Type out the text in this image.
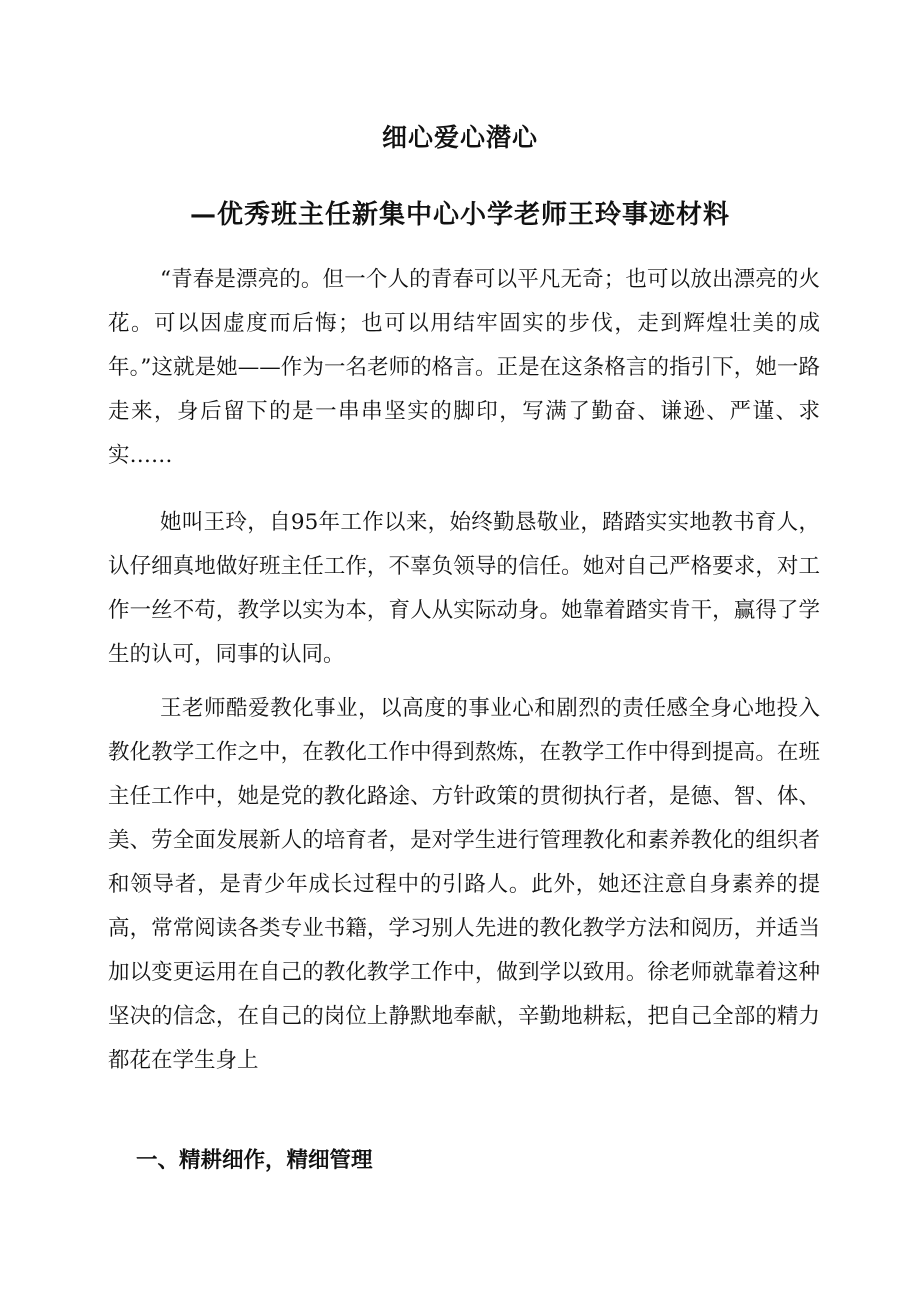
细心爱心潜心
—优秀班主任新集中心小学老师王玲事迹材料

“青春是漂亮的。但一个人的青春可以平凡无奇；也可以放出漂亮的火花。可以因虚度而后悔；也可以用结牢固实的步伐，走到辉煌壮美的成年。”这就是她——作为一名老师的格言。正是在这条格言的指引下，她一路走来，身后留下的是一串串坚实的脚印，写满了勤奋、谦逊、严谨、求实……

她叫王玲，自95年工作以来，始终勤恳敬业，踏踏实实地教书育人，认仔细真地做好班主任工作，不辜负领导的信任。她对自己严格要求，对工作一丝不苟，教学以实为本，育人从实际动身。她靠着踏实肯干，赢得了学生的认可，同事的认同。

王老师酷爱教化事业，以高度的事业心和剧烈的责任感全身心地投入教化教学工作之中，在教化工作中得到熬炼，在教学工作中得到提高。在班主任工作中，她是党的教化路途、方针政策的贯彻执行者，是德、智、体、美、劳全面发展新人的培育者，是对学生进行管理教化和素养教化的组织者和领导者，是青少年成长过程中的引路人。此外，她还注意自身素养的提高，常常阅读各类专业书籍，学习别人先进的教化教学方法和阅历，并适当加以变更运用在自己的教化教学工作中，做到学以致用。徐老师就靠着这种坚决的信念，在自己的岗位上静默地奉献，辛勤地耕耘，把自己全部的精力都花在学生身上

一、精耕细作，精细管理
